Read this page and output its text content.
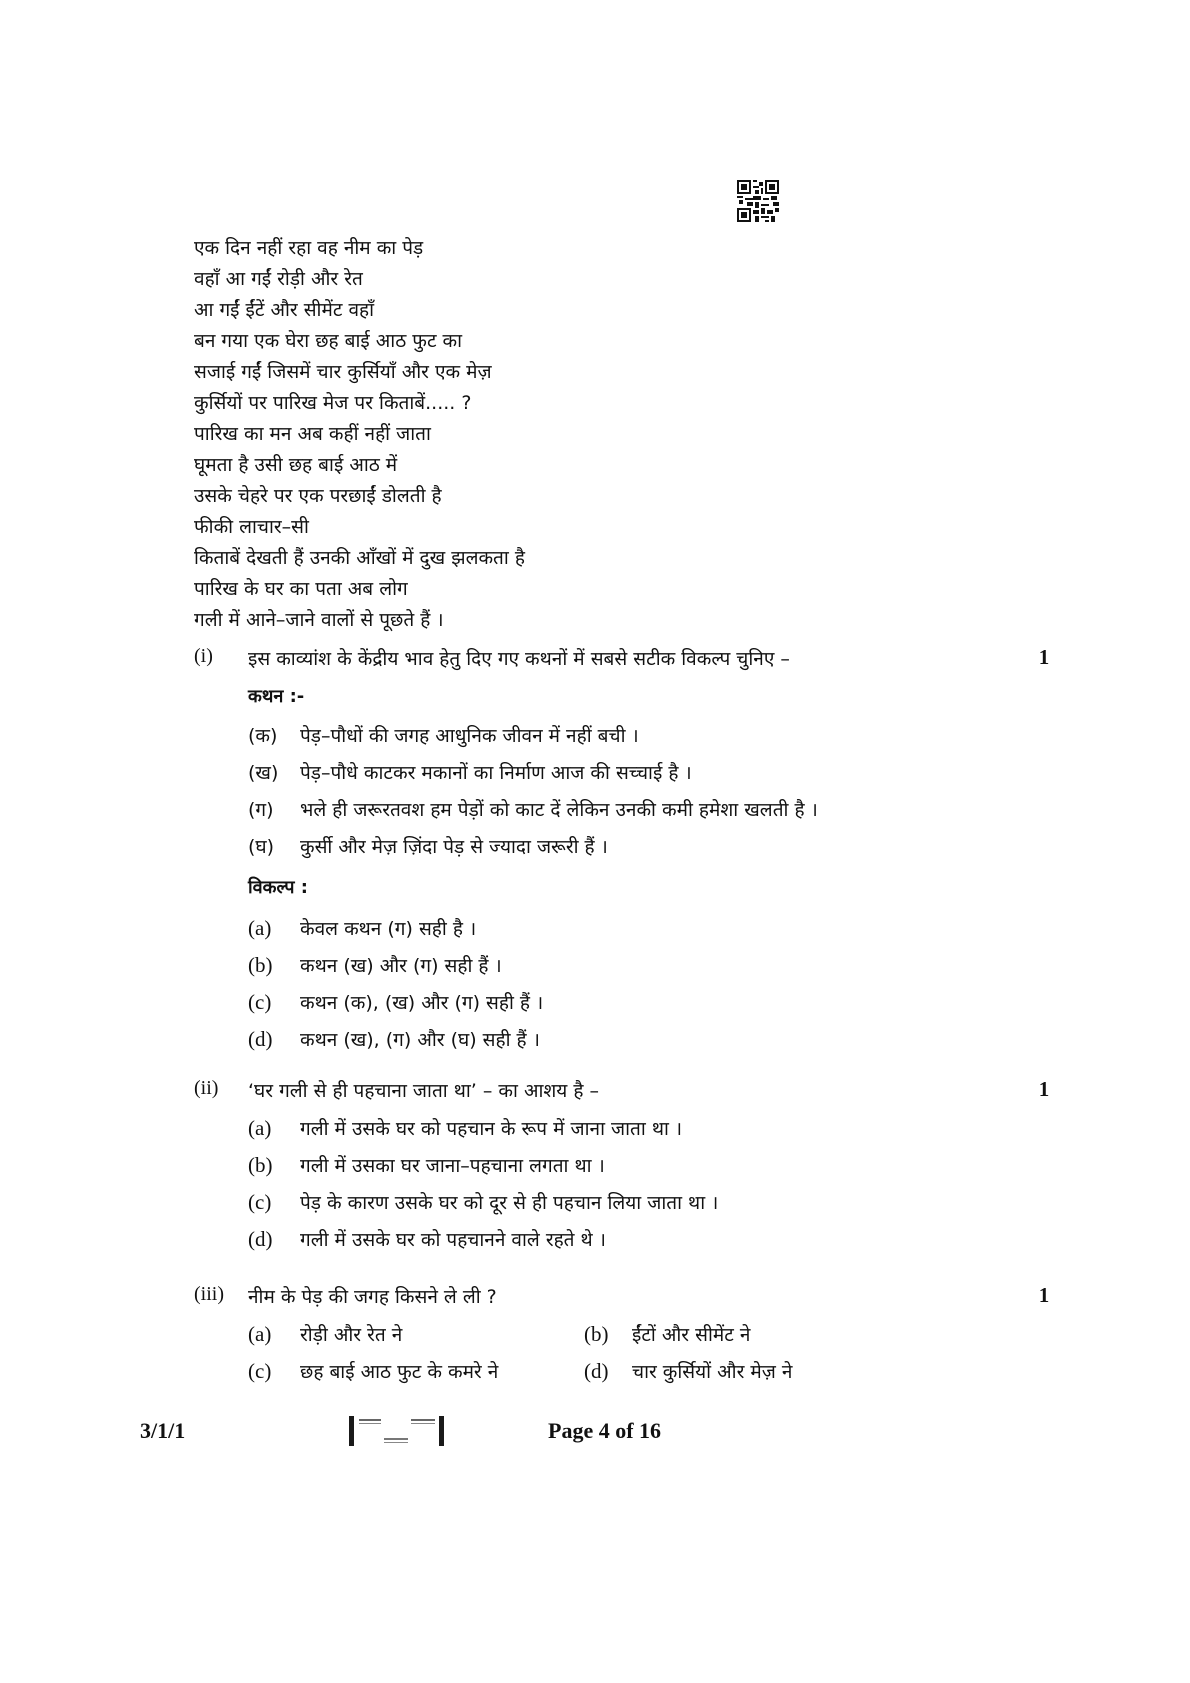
एक दिन नहीं रहा वह नीम का पेड़
वहाँ आ गईं रोड़ी और रेत
आ गईं ईंटें और सीमेंट वहाँ
बन गया एक घेरा छह बाई आठ फुट का
सजाई गईं जिसमें चार कुर्सियाँ और एक मेज़
कुर्सियों पर पारिख मेज पर किताबें..... ?
पारिख का मन अब कहीं नहीं जाता
घूमता है उसी छह बाई आठ में
उसके चेहरे पर एक परछाईं डोलती है
फीकी लाचार–सी
किताबें देखती हैं उनकी आँखों में दुख झलकता है
पारिख के घर का पता अब लोग
गली में आने–जाने वालों से पूछते हैं ।
(i) इस काव्यांश के केंद्रीय भाव हेतु दिए गए कथनों में सबसे सटीक विकल्प चुनिए –	1
कथन :-
(क) पेड़–पौधों की जगह आधुनिक जीवन में नहीं बची ।
(ख) पेड़–पौधे काटकर मकानों का निर्माण आज की सच्चाई है ।
(ग) भले ही जरूरतवश हम पेड़ों को काट दें लेकिन उनकी कमी हमेशा खलती है ।
(घ) कुर्सी और मेज़ ज़िंदा पेड़ से ज्यादा जरूरी हैं ।
विकल्प :
(a) केवल कथन (ग) सही है ।
(b) कथन (ख) और (ग) सही हैं ।
(c) कथन (क), (ख) और (ग) सही हैं ।
(d) कथन (ख), (ग) और (घ) सही हैं ।
(ii) ‘घर गली से ही पहचाना जाता था’ – का आशय है –	1
(a) गली में उसके घर को पहचान के रूप में जाना जाता था ।
(b) गली में उसका घर जाना–पहचाना लगता था ।
(c) पेड़ के कारण उसके घर को दूर से ही पहचान लिया जाता था ।
(d) गली में उसके घर को पहचानने वाले रहते थे ।
(iii) नीम के पेड़ की जगह किसने ले ली ?	1
(a) रोड़ी और रेत ने	(b) ईंटों और सीमेंट ने
(c) छह बाई आठ फुट के कमरे ने	(d) चार कुर्सियों और मेज़ ने
3/1/1	Page 4 of 16
